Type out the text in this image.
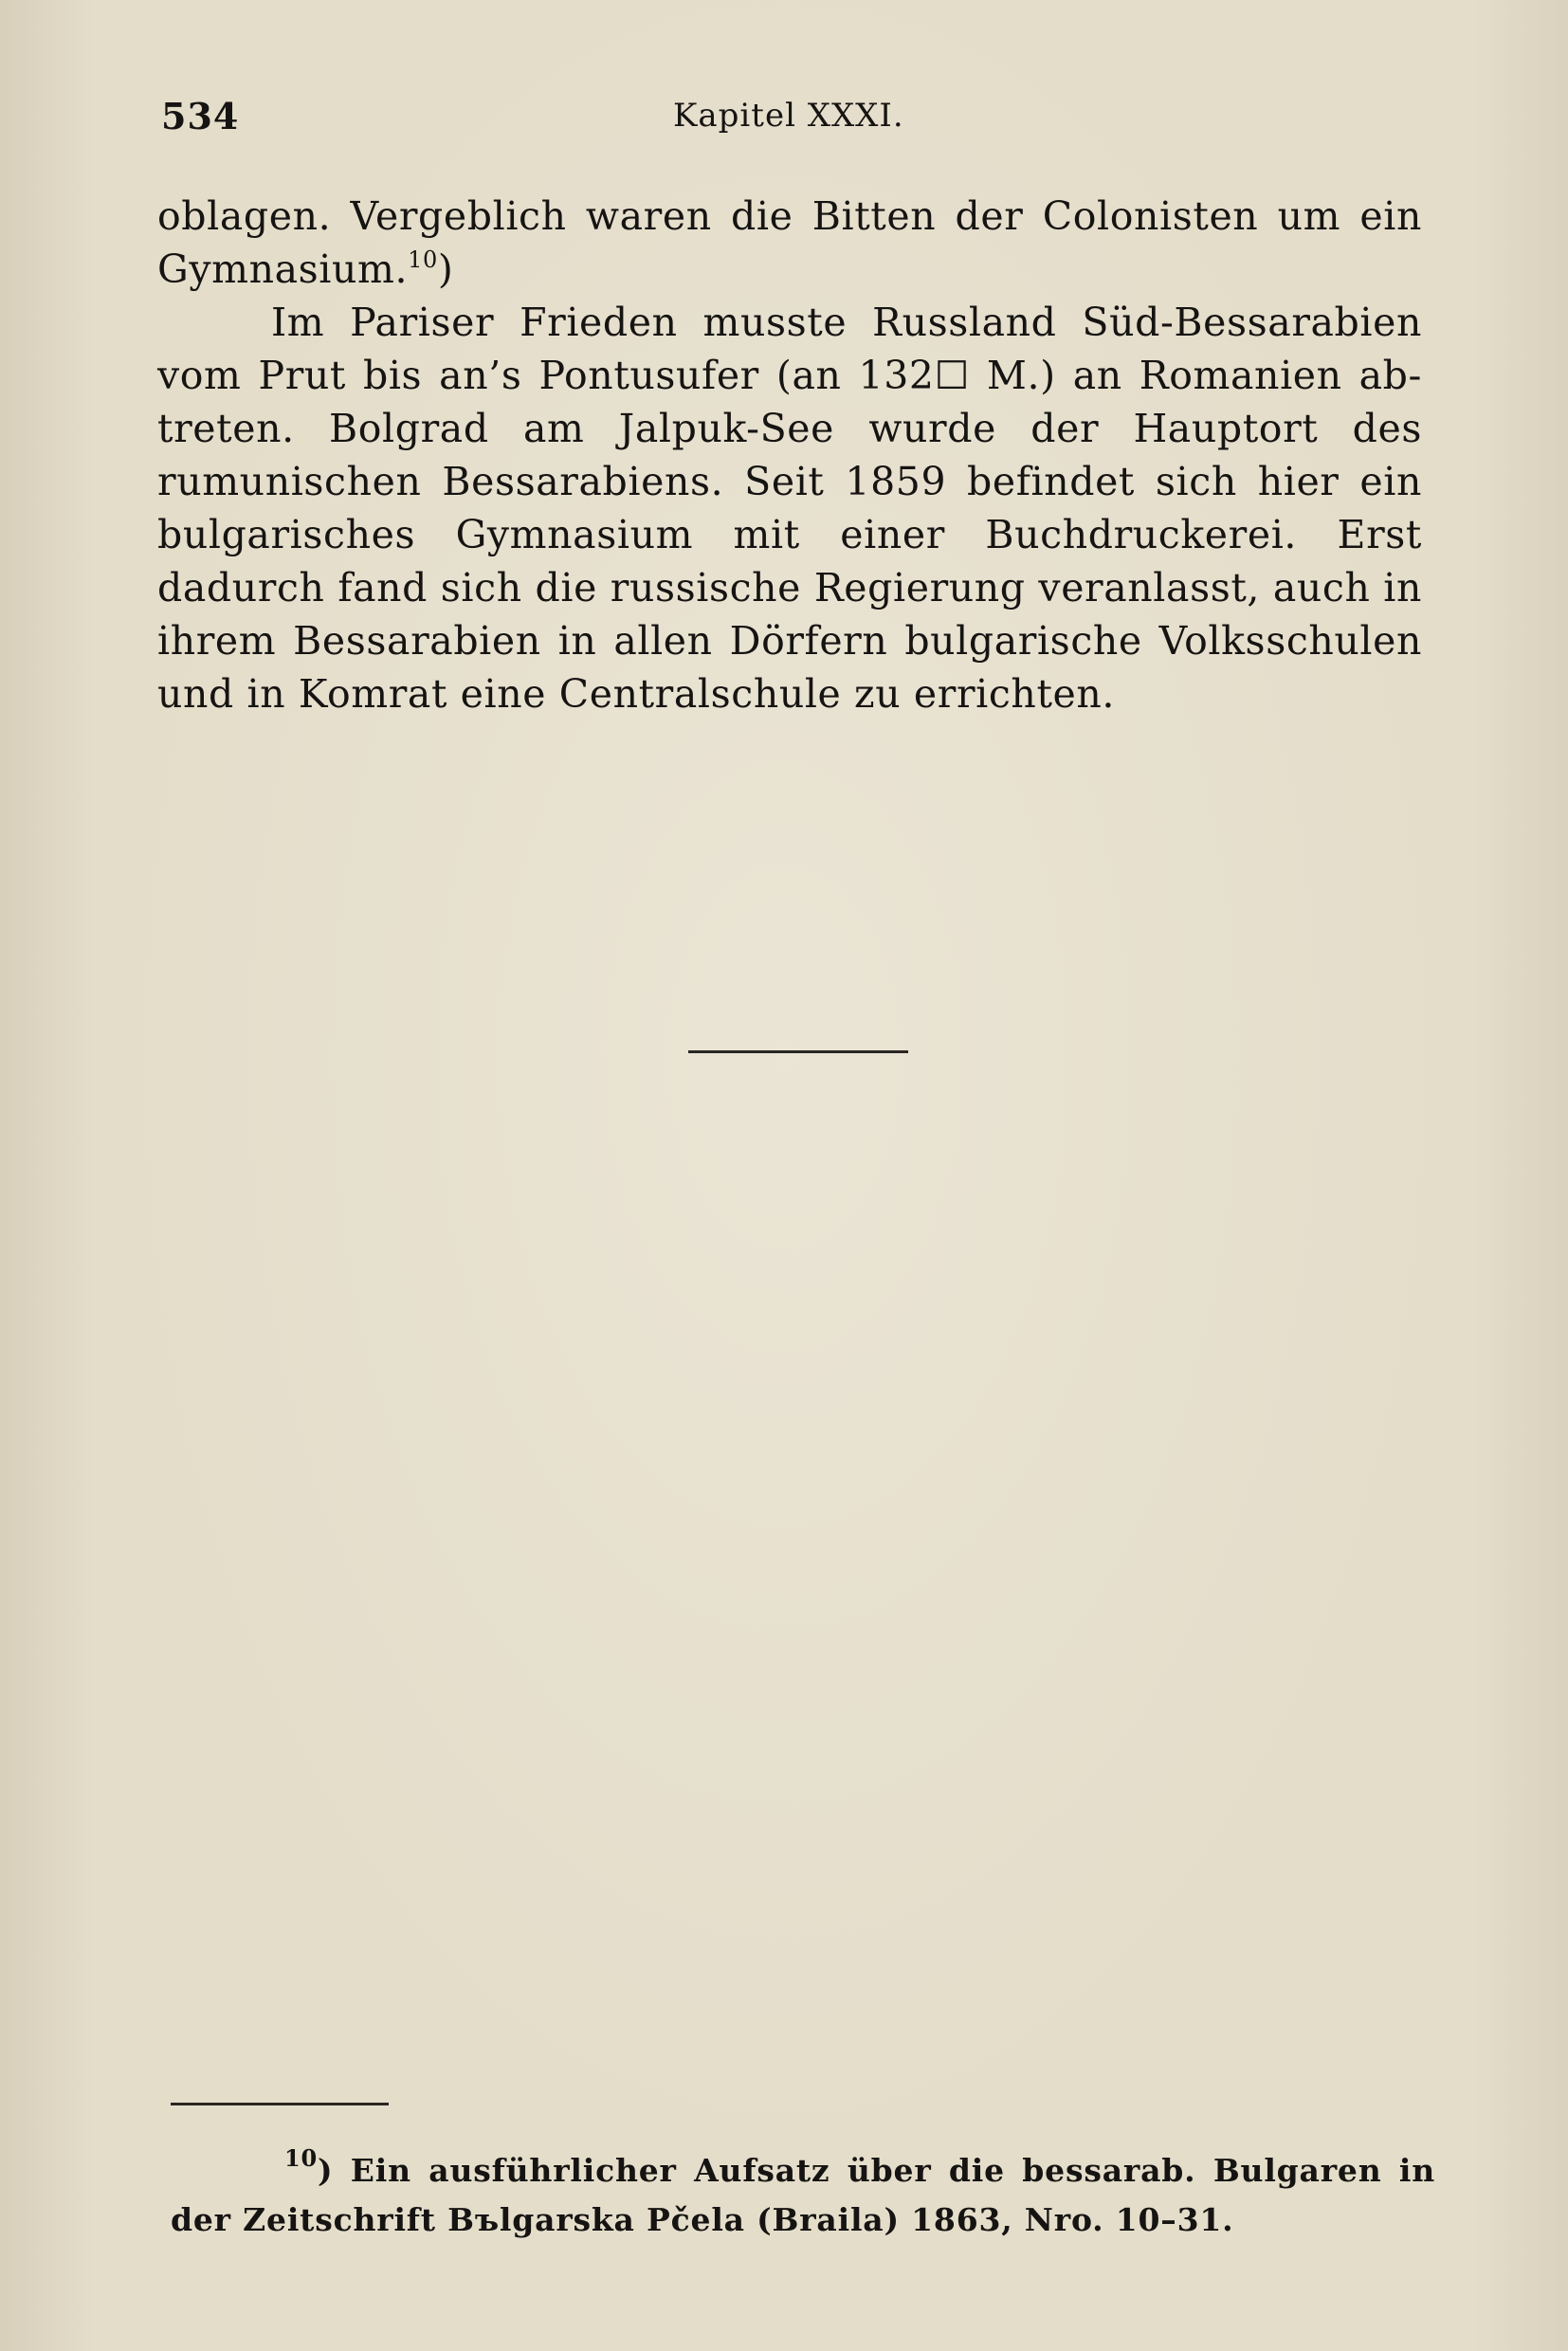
534	Kapitel XXXI.

oblagen. Vergeblich waren die Bitten der Colonisten um ein Gymnasium.$^{10}$)

Im Pariser Frieden musste Russland Süd-Bessarabien vom Prut bis an’s Pontusufer (an 132☐ M.) an Romanien ab-treten. Bolgrad am Jalpuk-See wurde der Hauptort des rumunischen Bessarabiens. Seit 1859 befindet sich hier ein bulgarisches Gymnasium mit einer Buchdruckerei. Erst dadurch fand sich die russische Regierung veranlasst, auch in ihrem Bessarabien in allen Dörfern bulgarische Volksschulen und in Komrat eine Centralschule zu errichten.

$^{10}$) Ein ausführlicher Aufsatz über die bessarab. Bulgaren in der Zeitschrift Bъlgarska Pčela (Braila) 1863, Nro. 10–31.
